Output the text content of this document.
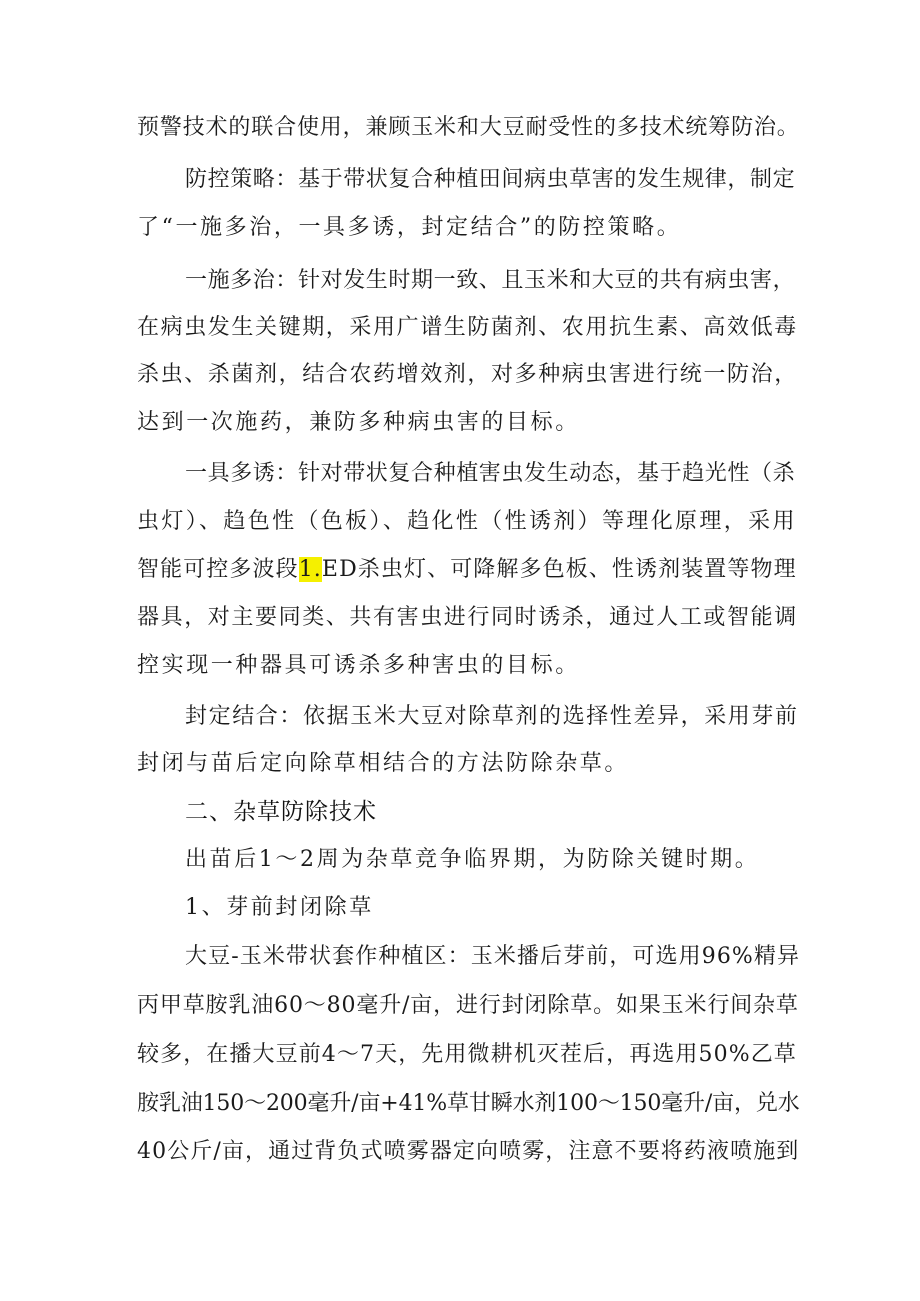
预警技术的联合使用，兼顾玉米和大豆耐受性的多技术统筹防治。
防控策略：基于带状复合种植田间病虫草害的发生规律，制定
了“一施多治，一具多诱，封定结合”的防控策略。
一施多治：针对发生时期一致、且玉米和大豆的共有病虫害，
在病虫发生关键期，采用广谱生防菌剂、农用抗生素、高效低毒
杀虫、杀菌剂，结合农药增效剂，对多种病虫害进行统一防治，
达到一次施药，兼防多种病虫害的目标。
一具多诱：针对带状复合种植害虫发生动态，基于趋光性（杀
虫灯）、趋色性（色板）、趋化性（性诱剂）等理化原理，采用
智能可控多波段1.ED杀虫灯、可降解多色板、性诱剂装置等物理
器具，对主要同类、共有害虫进行同时诱杀，通过人工或智能调
控实现一种器具可诱杀多种害虫的目标。
封定结合：依据玉米大豆对除草剂的选择性差异，采用芽前
封闭与苗后定向除草相结合的方法防除杂草。
二、杂草防除技术
出苗后1～2周为杂草竞争临界期，为防除关键时期。
1、芽前封闭除草
大豆-玉米带状套作种植区：玉米播后芽前，可选用96%精异
丙甲草胺乳油60～80毫升/亩，进行封闭除草。如果玉米行间杂草
较多，在播大豆前4～7天，先用微耕机灭茬后，再选用50%乙草
胺乳油150～200毫升/亩+41%草甘瞬水剂100～150毫升/亩，兑水
40公斤/亩，通过背负式喷雾器定向喷雾，注意不要将药液喷施到
